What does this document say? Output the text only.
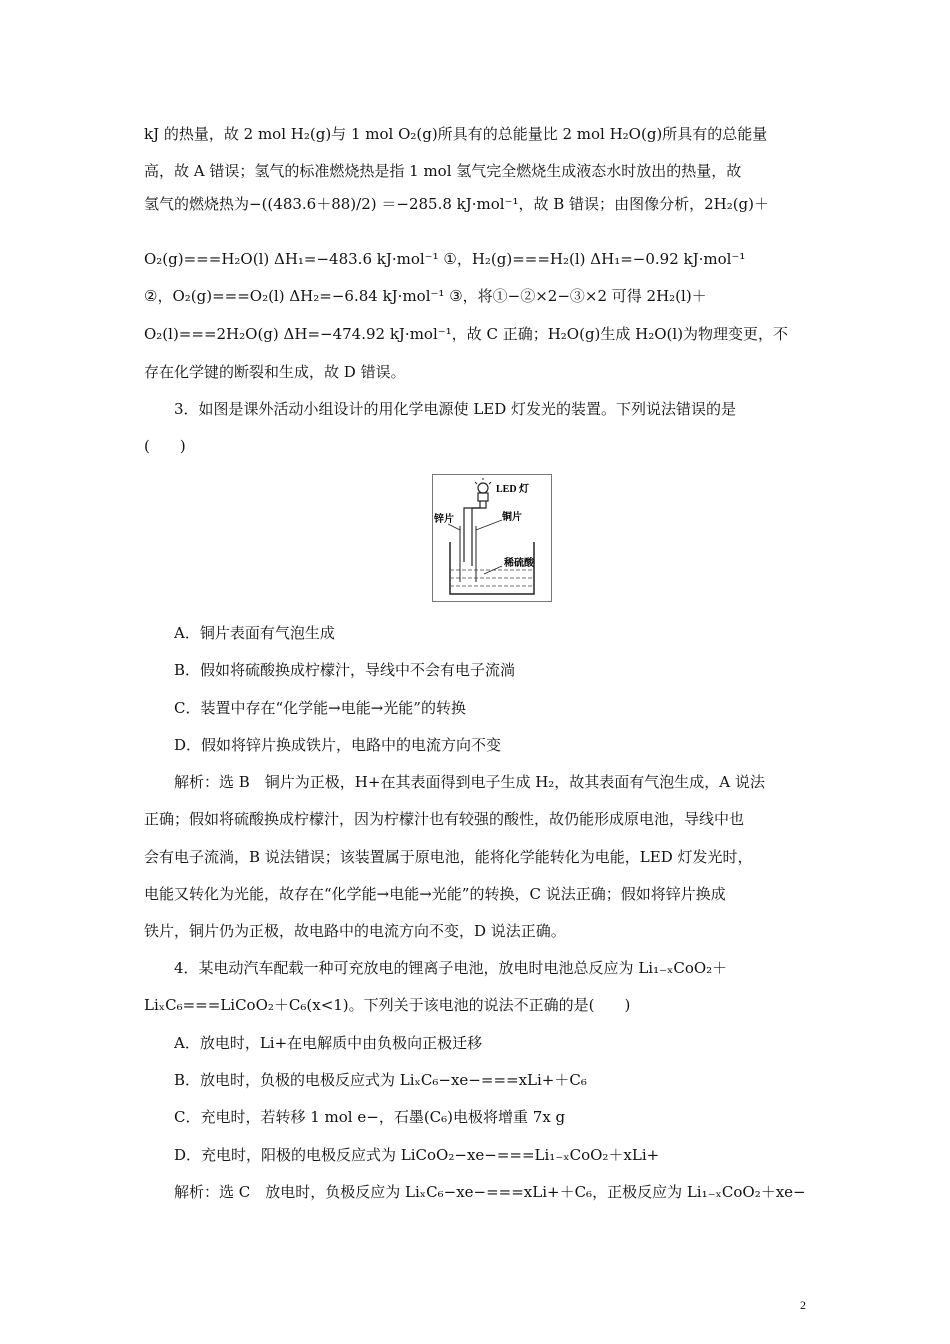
kJ 的热量，故 2 mol H₂(g)与 1 mol O₂(g)所具有的总能量比 2 mol H₂O(g)所具有的总能量
高，故 A 错误；氢气的标准燃烧热是指 1 mol 氢气完全燃烧生成液态水时放出的热量，故
氢气的燃烧热为−((483.6＋88)/2) ＝−285.8 kJ·mol⁻¹，故 B 错误；由图像分析，2H₂(g)＋
O₂(g)===H₂O(l) ΔH₁=−483.6 kJ·mol⁻¹ ①，H₂(g)===H₂(l) ΔH₁=−0.92 kJ·mol⁻¹
②，O₂(g)===O₂(l) ΔH₂=−6.84 kJ·mol⁻¹ ③，将①−②×2−③×2 可得 2H₂(l)＋
O₂(l)===2H₂O(g) ΔH=−474.92 kJ·mol⁻¹，故 C 正确；H₂O(g)生成 H₂O(l)为物理变更，不
存在化学键的断裂和生成，故 D 错误。
3．如图是课外活动小组设计的用化学电源使 LED 灯发光的装置。下列说法错误的是
(　　)
LED 灯
锌片	铜片
稀硫酸
A．铜片表面有气泡生成
B．假如将硫酸换成柠檬汁，导线中不会有电子流淌
C．装置中存在“化学能→电能→光能”的转换
D．假如将锌片换成铁片，电路中的电流方向不变
解析：选 B　铜片为正极，H+在其表面得到电子生成 H₂，故其表面有气泡生成，A 说法
正确；假如将硫酸换成柠檬汁，因为柠檬汁也有较强的酸性，故仍能形成原电池，导线中也
会有电子流淌，B 说法错误；该装置属于原电池，能将化学能转化为电能，LED 灯发光时，
电能又转化为光能，故存在“化学能→电能→光能”的转换，C 说法正确；假如将锌片换成
铁片，铜片仍为正极，故电路中的电流方向不变，D 说法正确。
4．某电动汽车配载一种可充放电的锂离子电池，放电时电池总反应为 Li₁₋ₓCoO₂＋
LiₓC₆===LiCoO₂＋C₆(x<1)。下列关于该电池的说法不正确的是(　　)
A．放电时，Li+在电解质中由负极向正极迁移
B．放电时，负极的电极反应式为 LiₓC₆−xe−===xLi+＋C₆
C．充电时，若转移 1 mol e−，石墨(C₆)电极将增重 7x g
D．充电时，阳极的电极反应式为 LiCoO₂−xe−===Li₁₋ₓCoO₂＋xLi+
解析：选 C　放电时，负极反应为 LiₓC₆−xe−===xLi+＋C₆，正极反应为 Li₁₋ₓCoO₂＋xe−
2
